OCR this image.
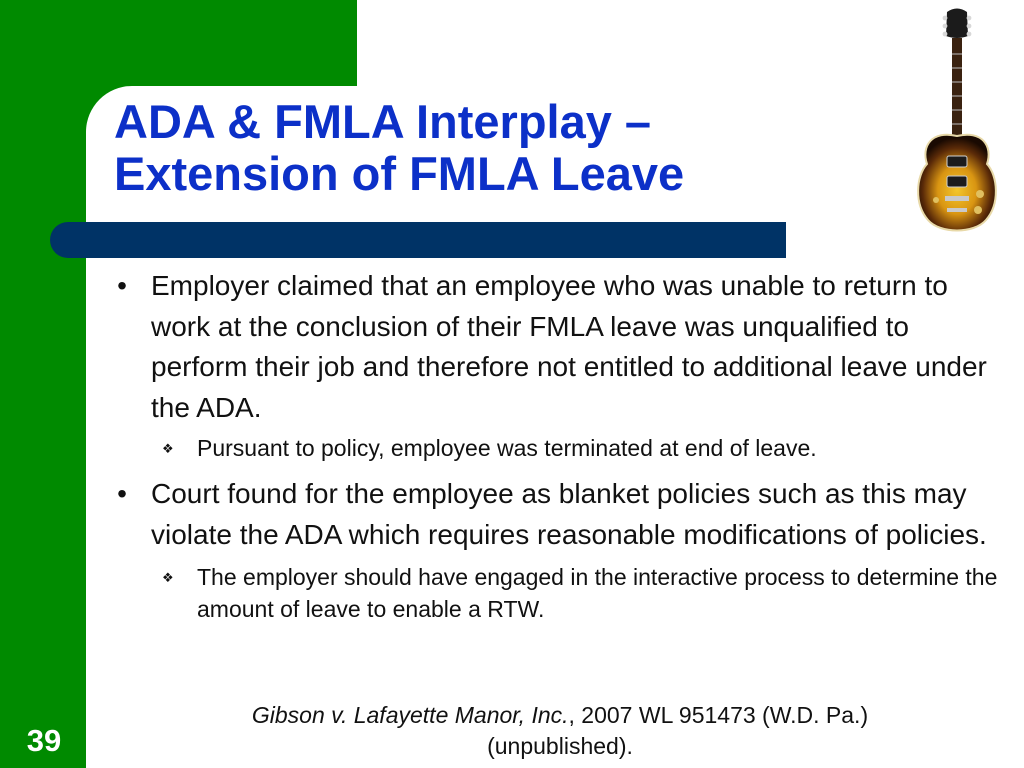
ADA & FMLA Interplay –
Extension of FMLA Leave
• Employer claimed that an employee who was unable to return to work at the conclusion of their FMLA leave was unqualified to perform their job and therefore not entitled to additional leave under the ADA.
❖ Pursuant to policy, employee was terminated at end of leave.
• Court found for the employee as blanket policies such as this may violate the ADA which requires reasonable modifications of policies.
❖ The employer should have engaged in the interactive process to determine the amount of leave to enable a RTW.
Gibson v. Lafayette Manor, Inc., 2007 WL 951473 (W.D. Pa.)(unpublished).
39
